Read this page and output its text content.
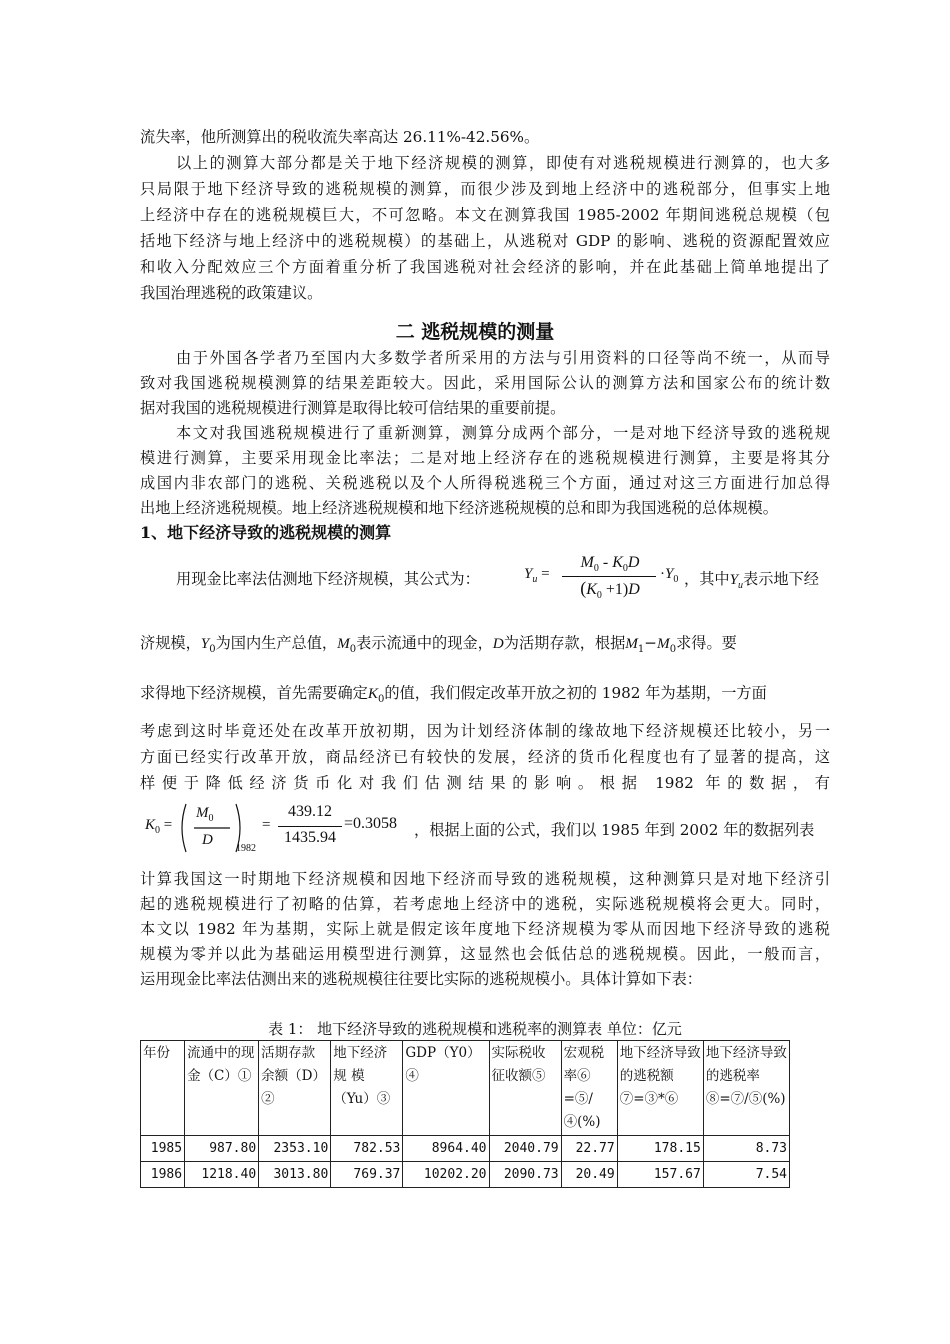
流失率，他所测算出的税收流失率高达 26.11%-42.56%。
以上的测算大部分都是关于地下经济规模的测算，即使有对逃税规模进行测算的，也大多
只局限于地下经济导致的逃税规模的测算，而很少涉及到地上经济中的逃税部分，但事实上地
上经济中存在的逃税规模巨大，不可忽略。本文在测算我国 1985-2002 年期间逃税总规模（包
括地下经济与地上经济中的逃税规模）的基础上，从逃税对 GDP 的影响、逃税的资源配置效应
和收入分配效应三个方面着重分析了我国逃税对社会经济的影响，并在此基础上简单地提出了
我国治理逃税的政策建议。
二 逃税规模的测量
由于外国各学者乃至国内大多数学者所采用的方法与引用资料的口径等尚不统一，从而导
致对我国逃税规模测算的结果差距较大。因此，采用国际公认的测算方法和国家公布的统计数
据对我国的逃税规模进行测算是取得比较可信结果的重要前提。
本文对我国逃税规模进行了重新测算，测算分成两个部分，一是对地下经济导致的逃税规
模进行测算，主要采用现金比率法；二是对地上经济存在的逃税规模进行测算，主要是将其分
成国内非农部门的逃税、关税逃税以及个人所得税逃税三个方面，通过对这三方面进行加总得
出地上经济逃税规模。地上经济逃税规模和地下经济逃税规模的总和即为我国逃税的总体规模。
1、地下经济导致的逃税规模的测算
用现金比率法估测地下经济规模，其公式为：	$Y_u$ =
$M_0 - K_0D$
$(K_0 +1)D$
$\cdot Y_0$ ，其中$Y_u$表示地下经
济规模，$Y_0$为国内生产总值，$M_0$表示流通中的现金，D为活期存款，根据$M_1-M_0$求得。要
求得地下经济规模，首先需要确定$K_0$的值，我们假定改革开放之初的 1982 年为基期，一方面
考虑到这时毕竟还处在改革开放初期，因为计划经济体制的缘故地下经济规模还比较小，另一
方面已经实行改革开放，商品经济已有较快的发展，经济的货币化程度也有了显著的提高，这
样便于降低经济货币化对我们估测结果的影响。根据 1982 年的数据，有
$K_0$ =
$M_0$
D
1982
=
439.12
1435.94
=0.3058 ，根据上面的公式，我们以 1985 年到 2002 年的数据列表
计算我国这一时期地下经济规模和因地下经济而导致的逃税规模，这种测算只是对地下经济引
起的逃税规模进行了初略的估算，若考虑地上经济中的逃税，实际逃税规模将会更大。同时，
本文以 1982 年为基期，实际上就是假定该年度地下经济规模为零从而因地下经济导致的逃税
规模为零并以此为基础运用模型进行测算，这显然也会低估总的逃税规模。因此，一般而言，
运用现金比率法估测出来的逃税规模往往要比实际的逃税规模小。具体计算如下表：
表 1： 地下经济导致的逃税规模和逃税率的测算表 单位：亿元
年份	流通中的现金（C）①	活期存款余额（D）②	地下经济规 模（Yu）③	GDP（Y0）④	实际税收征收额⑤	宏观税率⑥ =⑤/④(%)	地下经济导致的逃税额⑦=③*⑥	地下经济导致的逃税率⑧=⑦/⑤(%)
1985	987.80	2353.10	782.53	8964.40	2040.79	22.77	178.15	8.73
1986	1218.40	3013.80	769.37	10202.20	2090.73	20.49	157.67	7.54
